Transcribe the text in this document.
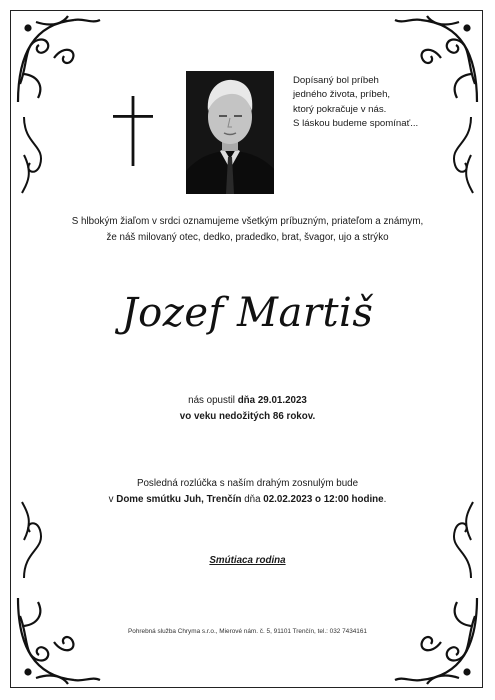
Dopísaný bol príbeh
jedného života, príbeh,
ktorý pokračuje v nás.
S láskou budeme spomínať...
S hlbokým žiaľom v srdci oznamujeme všetkým príbuzným, priateľom a známym,
že náš milovaný otec, dedko, pradedko, brat, švagor, ujo a strýko
Jozef Martiš
nás opustil dňa 29.01.2023
vo veku nedožitých 86 rokov.
Posledná rozlúčka s naším drahým zosnulým bude
v Dome smútku Juh, Trenčín dňa 02.02.2023 o 12:00 hodine.
Smútiaca rodina
Pohrebná služba Chryma s.r.o., Mierové nám. č. 5, 91101 Trenčín, tel.: 032 7434161
